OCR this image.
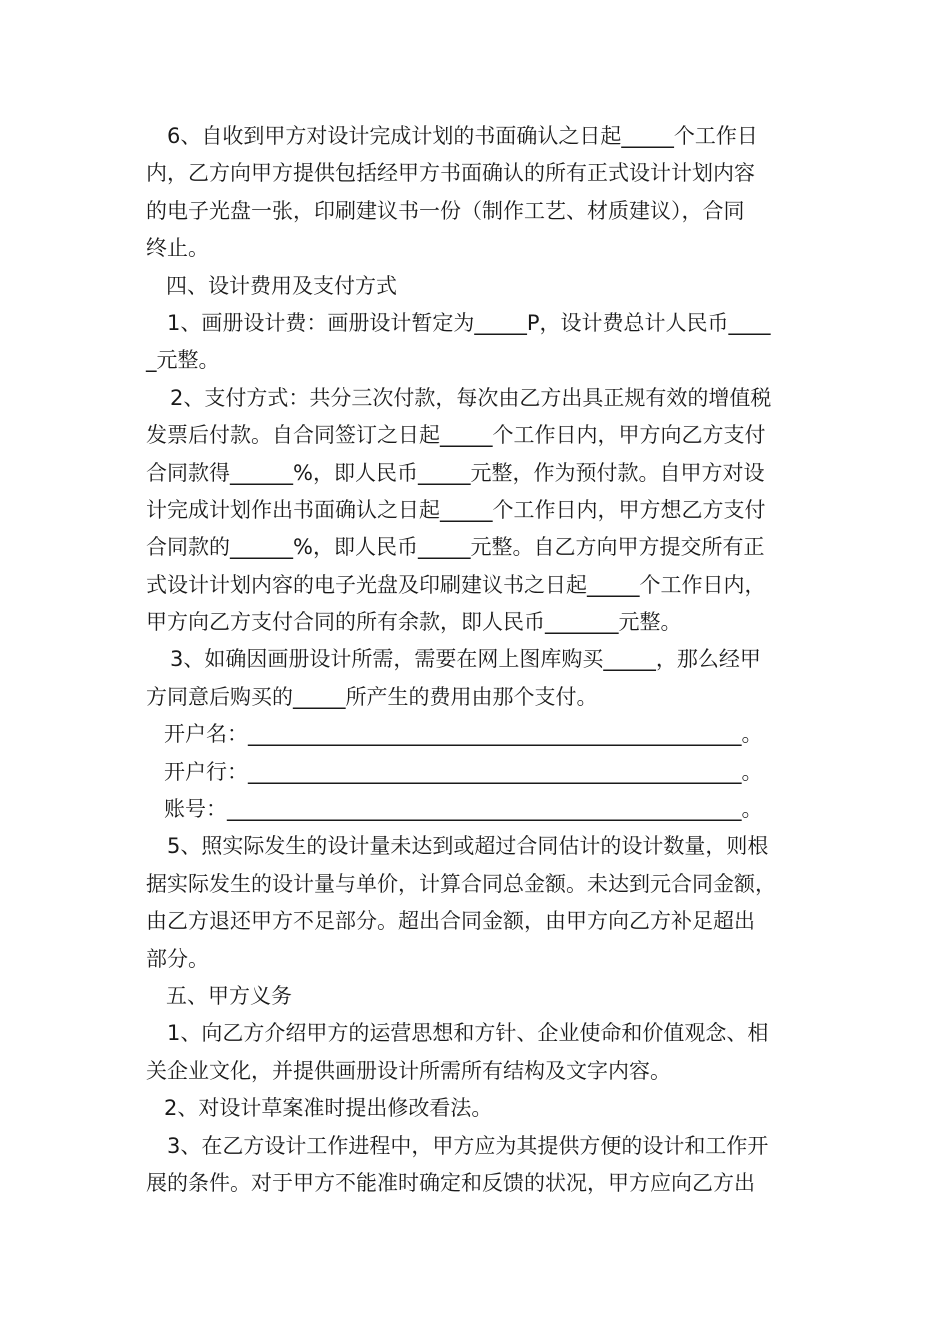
6、自收到甲方对设计完成计划的书面确认之日起_____个工作日
内，乙方向甲方提供包括经甲方书面确认的所有正式设计计划内容
的电子光盘一张，印刷建议书一份（制作工艺、材质建议），合同
终止。
四、设计费用及支付方式
1、画册设计费：画册设计暂定为_____P，设计费总计人民币____
_元整。
2、支付方式：共分三次付款，每次由乙方出具正规有效的增值税
发票后付款。自合同签订之日起_____个工作日内，甲方向乙方支付
合同款得______%，即人民币_____元整，作为预付款。自甲方对设
计完成计划作出书面确认之日起_____个工作日内，甲方想乙方支付
合同款的______%，即人民币_____元整。自乙方向甲方提交所有正
式设计计划内容的电子光盘及印刷建议书之日起_____个工作日内，
甲方向乙方支付合同的所有余款，即人民币_______元整。
3、如确因画册设计所需，需要在网上图库购买_____，那么经甲
方同意后购买的_____所产生的费用由那个支付。
开户名：_______________________________________________。
开户行：_______________________________________________。
账号：_________________________________________________。
5、照实际发生的设计量未达到或超过合同估计的设计数量，则根
据实际发生的设计量与单价，计算合同总金额。未达到元合同金额，
由乙方退还甲方不足部分。超出合同金额，由甲方向乙方补足超出
部分。
五、甲方义务
1、向乙方介绍甲方的运营思想和方针、企业使命和价值观念、相
关企业文化，并提供画册设计所需所有结构及文字内容。
2、对设计草案准时提出修改看法。
3、在乙方设计工作进程中，甲方应为其提供方便的设计和工作开
展的条件。对于甲方不能准时确定和反馈的状况，甲方应向乙方出
